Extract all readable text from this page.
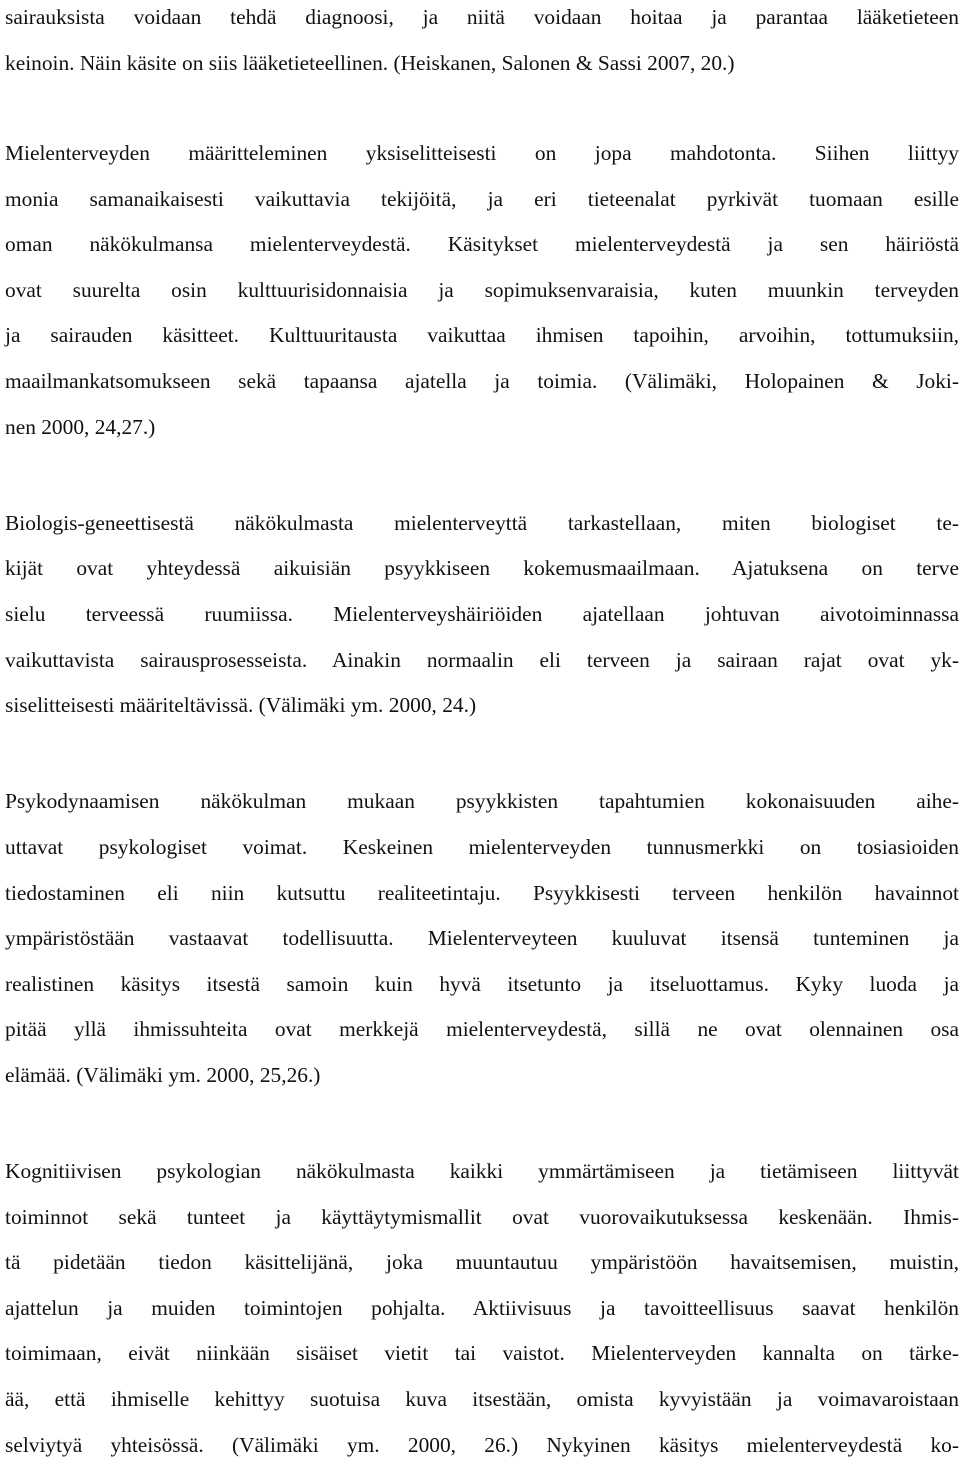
sairauksista voidaan tehdä diagnoosi, ja niitä voidaan hoitaa ja parantaa lääketieteen
keinoin. Näin käsite on siis lääketieteellinen. (Heiskanen, Salonen & Sassi 2007, 20.)
Mielenterveyden määritteleminen yksiselitteisesti on jopa mahdotonta. Siihen liittyy
monia samanaikaisesti vaikuttavia tekijöitä, ja eri tieteenalat pyrkivät tuomaan esille
oman näkökulmansa mielenterveydestä. Käsitykset mielenterveydestä ja sen häiriöstä
ovat suurelta osin kulttuurisidonnaisia ja sopimuksenvaraisia, kuten muunkin terveyden
ja sairauden käsitteet. Kulttuuritausta vaikuttaa ihmisen tapoihin, arvoihin, tottumuksiin,
maailmankatsomukseen sekä tapaansa ajatella ja toimia. (Välimäki, Holopainen & Joki-
nen 2000, 24,27.)
Biologis-geneettisestä näkökulmasta mielenterveyttä tarkastellaan, miten biologiset te-
kijät ovat yhteydessä aikuisiän psyykkiseen kokemusmaailmaan. Ajatuksena on terve
sielu terveessä ruumiissa. Mielenterveyshäiriöiden ajatellaan johtuvan aivotoiminnassa
vaikuttavista sairausprosesseista. Ainakin normaalin eli terveen ja sairaan rajat ovat yk-
siselitteisesti määriteltävissä. (Välimäki ym. 2000, 24.)
Psykodynaamisen näkökulman mukaan psyykkisten tapahtumien kokonaisuuden aihe-
uttavat psykologiset voimat. Keskeinen mielenterveyden tunnusmerkki on tosiasioiden
tiedostaminen eli niin kutsuttu realiteetintaju. Psyykkisesti terveen henkilön havainnot
ympäristöstään vastaavat todellisuutta. Mielenterveyteen kuuluvat itsensä tunteminen ja
realistinen käsitys itsestä samoin kuin hyvä itsetunto ja itseluottamus. Kyky luoda ja
pitää yllä ihmissuhteita ovat merkkejä mielenterveydestä, sillä ne ovat olennainen osa
elämää. (Välimäki ym. 2000, 25,26.)
Kognitiivisen psykologian näkökulmasta kaikki ymmärtämiseen ja tietämiseen liittyvät
toiminnot sekä tunteet ja käyttäytymismallit ovat vuorovaikutuksessa keskenään. Ihmis-
tä pidetään tiedon käsittelijänä, joka muuntautuu ympäristöön havaitsemisen, muistin,
ajattelun ja muiden toimintojen pohjalta. Aktiivisuus ja tavoitteellisuus saavat henkilön
toimimaan, eivät niinkään sisäiset vietit tai vaistot. Mielenterveyden kannalta on tärke-
ää, että ihmiselle kehittyy suotuisa kuva itsestään, omista kyvyistään ja voimavaroistaan
selviytyä yhteisössä. (Välimäki ym. 2000, 26.) Nykyinen käsitys mielenterveydestä ko-
